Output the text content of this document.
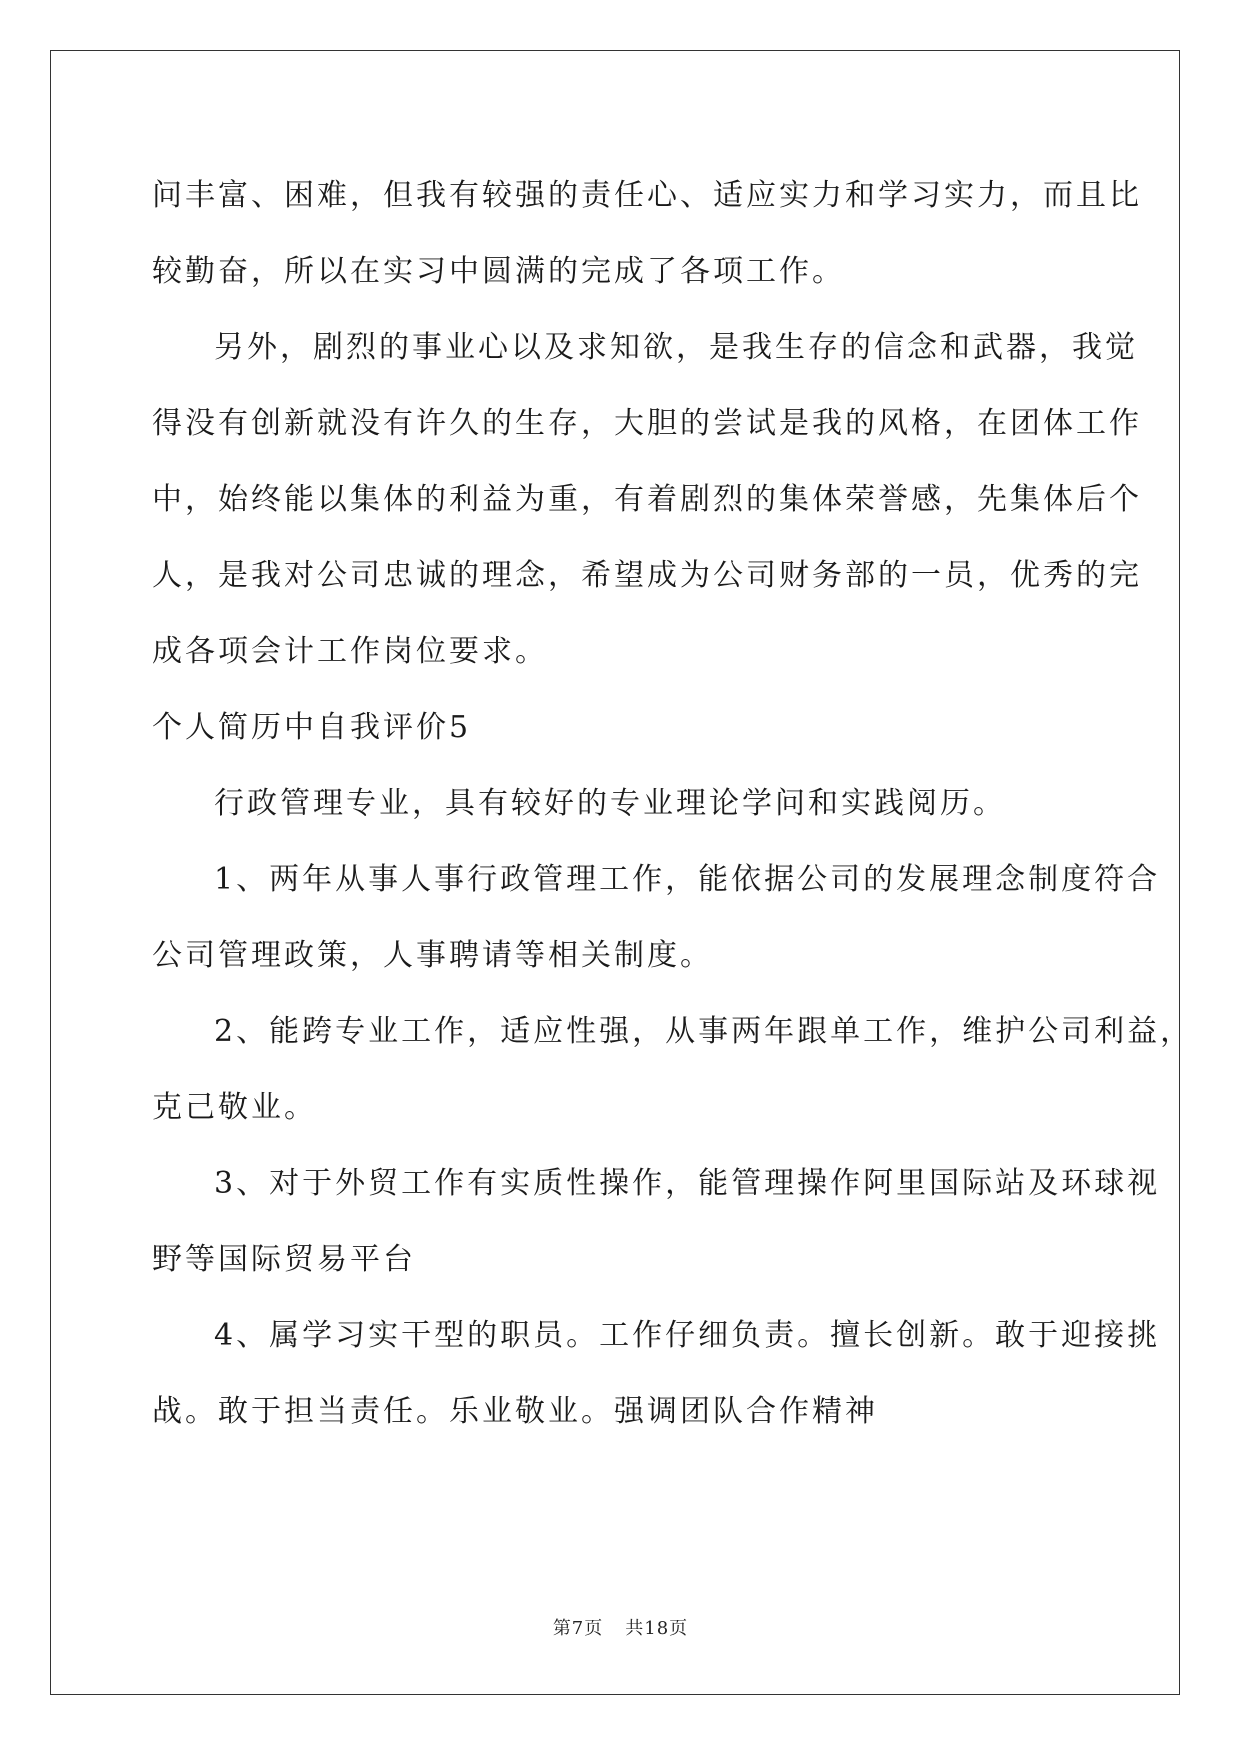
问丰富、困难，但我有较强的责任心、适应实力和学习实力，而且比

较勤奋，所以在实习中圆满的完成了各项工作。

另外，剧烈的事业心以及求知欲，是我生存的信念和武器，我觉

得没有创新就没有许久的生存，大胆的尝试是我的风格，在团体工作

中，始终能以集体的利益为重，有着剧烈的集体荣誉感，先集体后个

人，是我对公司忠诚的理念，希望成为公司财务部的一员，优秀的完

成各项会计工作岗位要求。

个人简历中自我评价5

行政管理专业，具有较好的专业理论学问和实践阅历。

1、两年从事人事行政管理工作，能依据公司的发展理念制度符合

公司管理政策，人事聘请等相关制度。

2、能跨专业工作，适应性强，从事两年跟单工作，维护公司利益，

克己敬业。

3、对于外贸工作有实质性操作，能管理操作阿里国际站及环球视

野等国际贸易平台

4、属学习实干型的职员。工作仔细负责。擅长创新。敢于迎接挑

战。敢于担当责任。乐业敬业。强调团队合作精神

第7页 共18页
